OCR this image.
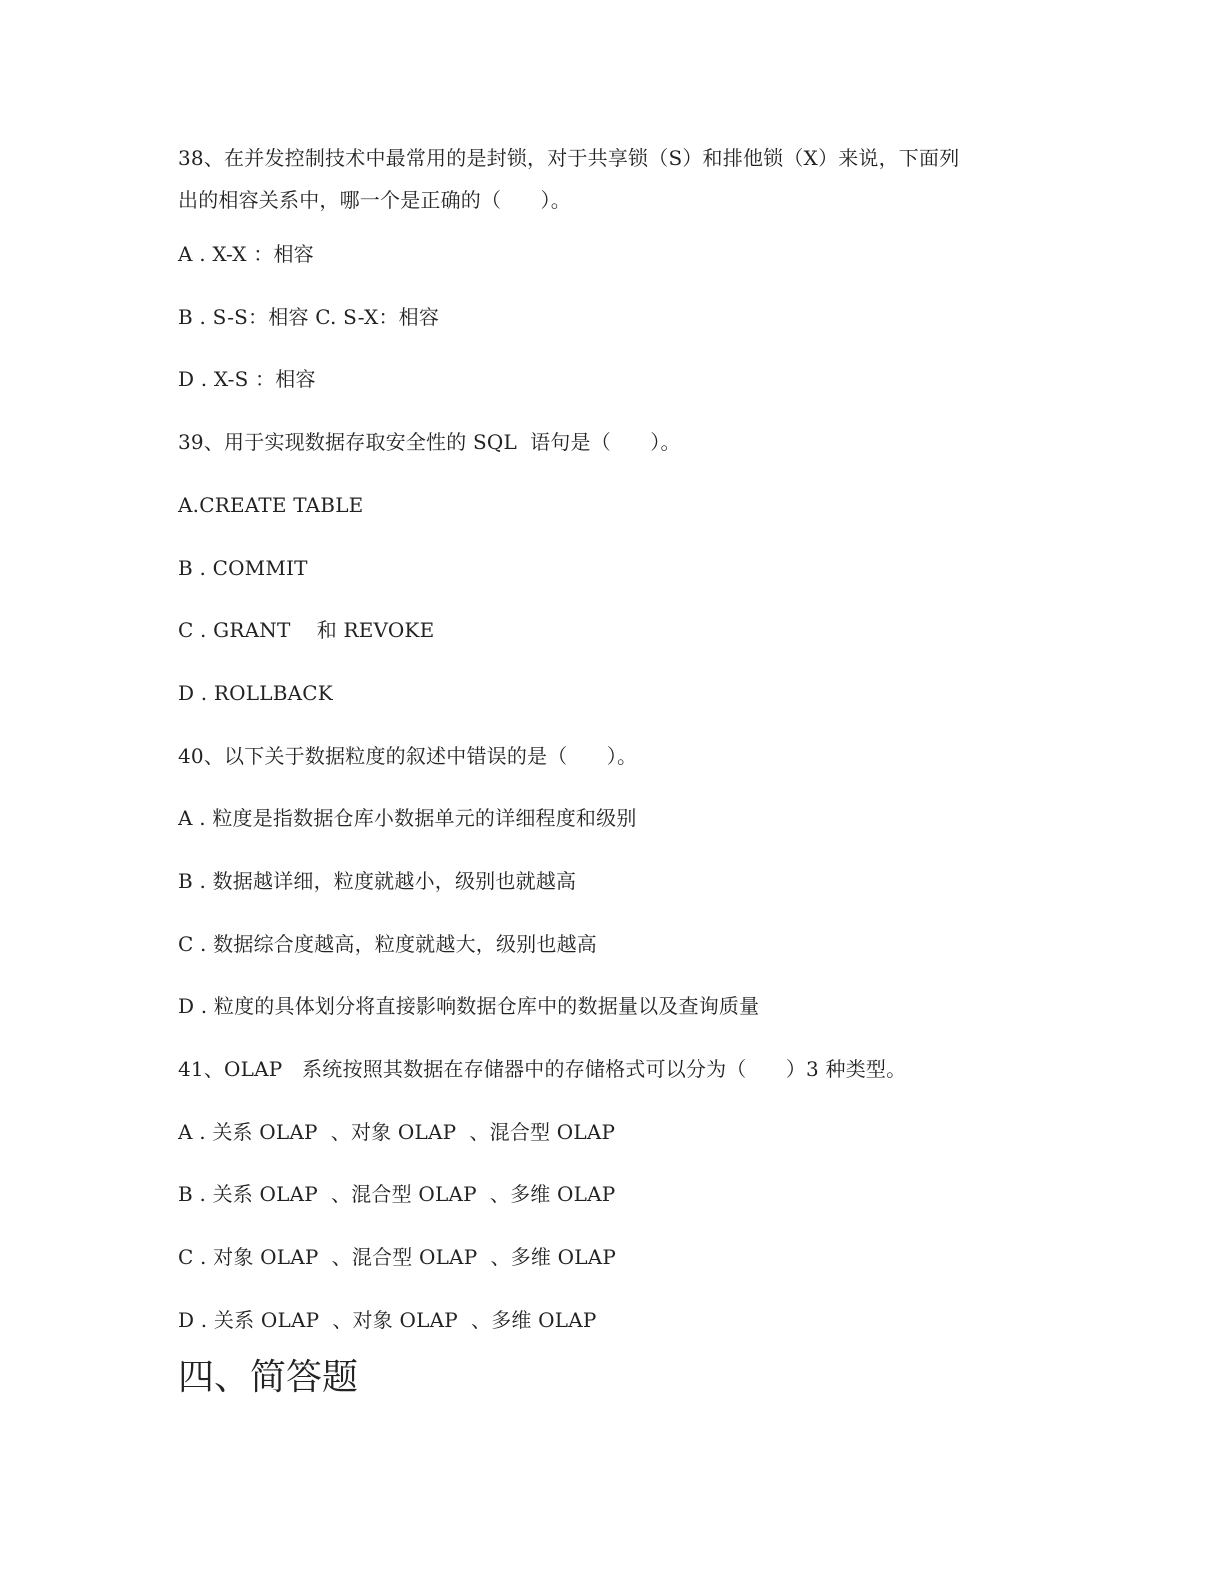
38、在并发控制技术中最常用的是封锁，对于共享锁（S）和排他锁（X）来说，下面列
出的相容关系中，哪一个是正确的（      ）。
A . X-X ：相容
B . S-S：相容 C. S-X：相容
D . X-S ：相容
39、用于实现数据存取安全性的 SQL  语句是（      ）。
A.CREATE TABLE
B . COMMIT
C . GRANT    和 REVOKE
D . ROLLBACK
40、以下关于数据粒度的叙述中错误的是（      ）。
A . 粒度是指数据仓库小数据单元的详细程度和级别
B . 数据越详细，粒度就越小，级别也就越高
C . 数据综合度越高，粒度就越大，级别也越高
D . 粒度的具体划分将直接影响数据仓库中的数据量以及查询质量
41、OLAP   系统按照其数据在存储器中的存储格式可以分为（      ）3 种类型。
A . 关系 OLAP  、对象 OLAP  、混合型 OLAP
B . 关系 OLAP  、混合型 OLAP  、多维 OLAP
C . 对象 OLAP  、混合型 OLAP  、多维 OLAP
D . 关系 OLAP  、对象 OLAP  、多维 OLAP
四、简答题
